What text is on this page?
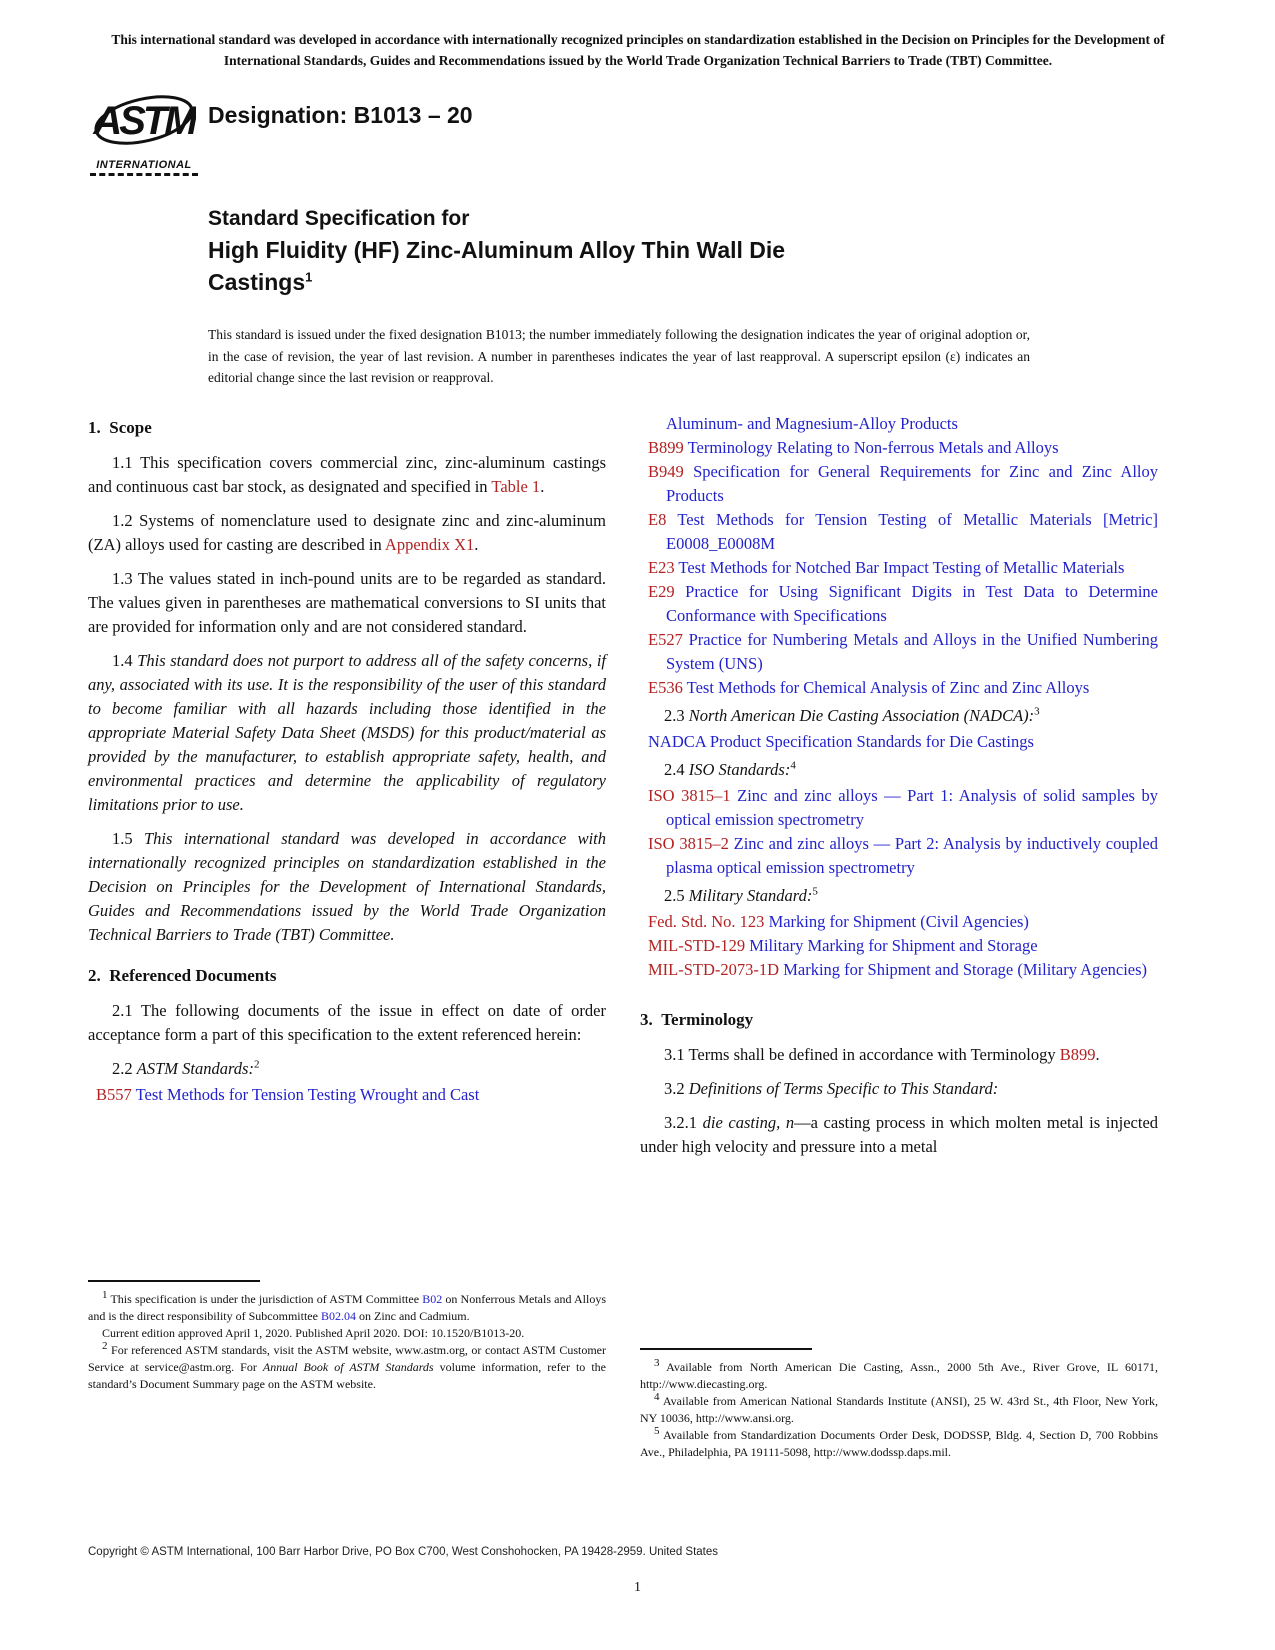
This international standard was developed in accordance with internationally recognized principles on standardization established in the Decision on Principles for the Development of International Standards, Guides and Recommendations issued by the World Trade Organization Technical Barriers to Trade (TBT) Committee.
ASTM
INTERNATIONAL
Designation: B1013 – 20
Standard Specification for
High Fluidity (HF) Zinc-Aluminum Alloy Thin Wall Die
Castings$^1$
This standard is issued under the fixed designation B1013; the number immediately following the designation indicates the year of original adoption or, in the case of revision, the year of last revision. A number in parentheses indicates the year of last reapproval. A superscript epsilon (ε) indicates an editorial change since the last revision or reapproval.
1.  Scope

1.1 This specification covers commercial zinc, zinc-aluminum castings and continuous cast bar stock, as designated and specified in Table 1.

1.2 Systems of nomenclature used to designate zinc and zinc-aluminum (ZA) alloys used for casting are described in Appendix X1.

1.3 The values stated in inch-pound units are to be regarded as standard. The values given in parentheses are mathematical conversions to SI units that are provided for information only and are not considered standard.

1.4 This standard does not purport to address all of the safety concerns, if any, associated with its use. It is the responsibility of the user of this standard to become familiar with all hazards including those identified in the appropriate Material Safety Data Sheet (MSDS) for this product/material as provided by the manufacturer, to establish appropriate safety, health, and environmental practices and determine the applicability of regulatory limitations prior to use.

1.5 This international standard was developed in accordance with internationally recognized principles on standardization established in the Decision on Principles for the Development of International Standards, Guides and Recommendations issued by the World Trade Organization Technical Barriers to Trade (TBT) Committee.

2.  Referenced Documents

2.1 The following documents of the issue in effect on date of order acceptance form a part of this specification to the extent referenced herein:

2.2 ASTM Standards:$^2$

B557 Test Methods for Tension Testing Wrought and Cast

Aluminum- and Magnesium-Alloy Products

B899 Terminology Relating to Non-ferrous Metals and Alloys

B949 Specification for General Requirements for Zinc and Zinc Alloy Products

E8 Test Methods for Tension Testing of Metallic Materials [Metric] E0008_E0008M

E23 Test Methods for Notched Bar Impact Testing of Metallic Materials

E29 Practice for Using Significant Digits in Test Data to Determine Conformance with Specifications

E527 Practice for Numbering Metals and Alloys in the Unified Numbering System (UNS)

E536 Test Methods for Chemical Analysis of Zinc and Zinc Alloys

2.3 North American Die Casting Association (NADCA):$^3$

NADCA Product Specification Standards for Die Castings

2.4 ISO Standards:$^4$

ISO 3815–1 Zinc and zinc alloys — Part 1: Analysis of solid samples by optical emission spectrometry

ISO 3815–2 Zinc and zinc alloys — Part 2: Analysis by inductively coupled plasma optical emission spectrometry

2.5 Military Standard:$^5$

Fed. Std. No. 123 Marking for Shipment (Civil Agencies)

MIL-STD-129 Military Marking for Shipment and Storage

MIL-STD-2073-1D Marking for Shipment and Storage (Military Agencies)

3.  Terminology

3.1 Terms shall be defined in accordance with Terminology B899.

3.2 Definitions of Terms Specific to This Standard:

3.2.1 die casting, n—a casting process in which molten metal is injected under high velocity and pressure into a metal

$^1$ This specification is under the jurisdiction of ASTM Committee B02 on Nonferrous Metals and Alloys and is the direct responsibility of Subcommittee B02.04 on Zinc and Cadmium.

Current edition approved April 1, 2020. Published April 2020. DOI: 10.1520/B1013-20.

$^2$ For referenced ASTM standards, visit the ASTM website, www.astm.org, or contact ASTM Customer Service at service@astm.org. For Annual Book of ASTM Standards volume information, refer to the standard’s Document Summary page on the ASTM website.

$^3$ Available from North American Die Casting, Assn., 2000 5th Ave., River Grove, IL 60171, http://www.diecasting.org.

$^4$ Available from American National Standards Institute (ANSI), 25 W. 43rd St., 4th Floor, New York, NY 10036, http://www.ansi.org.

$^5$ Available from Standardization Documents Order Desk, DODSSP, Bldg. 4, Section D, 700 Robbins Ave., Philadelphia, PA 19111-5098, http://www.dodssp.daps.mil.

Copyright © ASTM International, 100 Barr Harbor Drive, PO Box C700, West Conshohocken, PA 19428-2959. United States
1
